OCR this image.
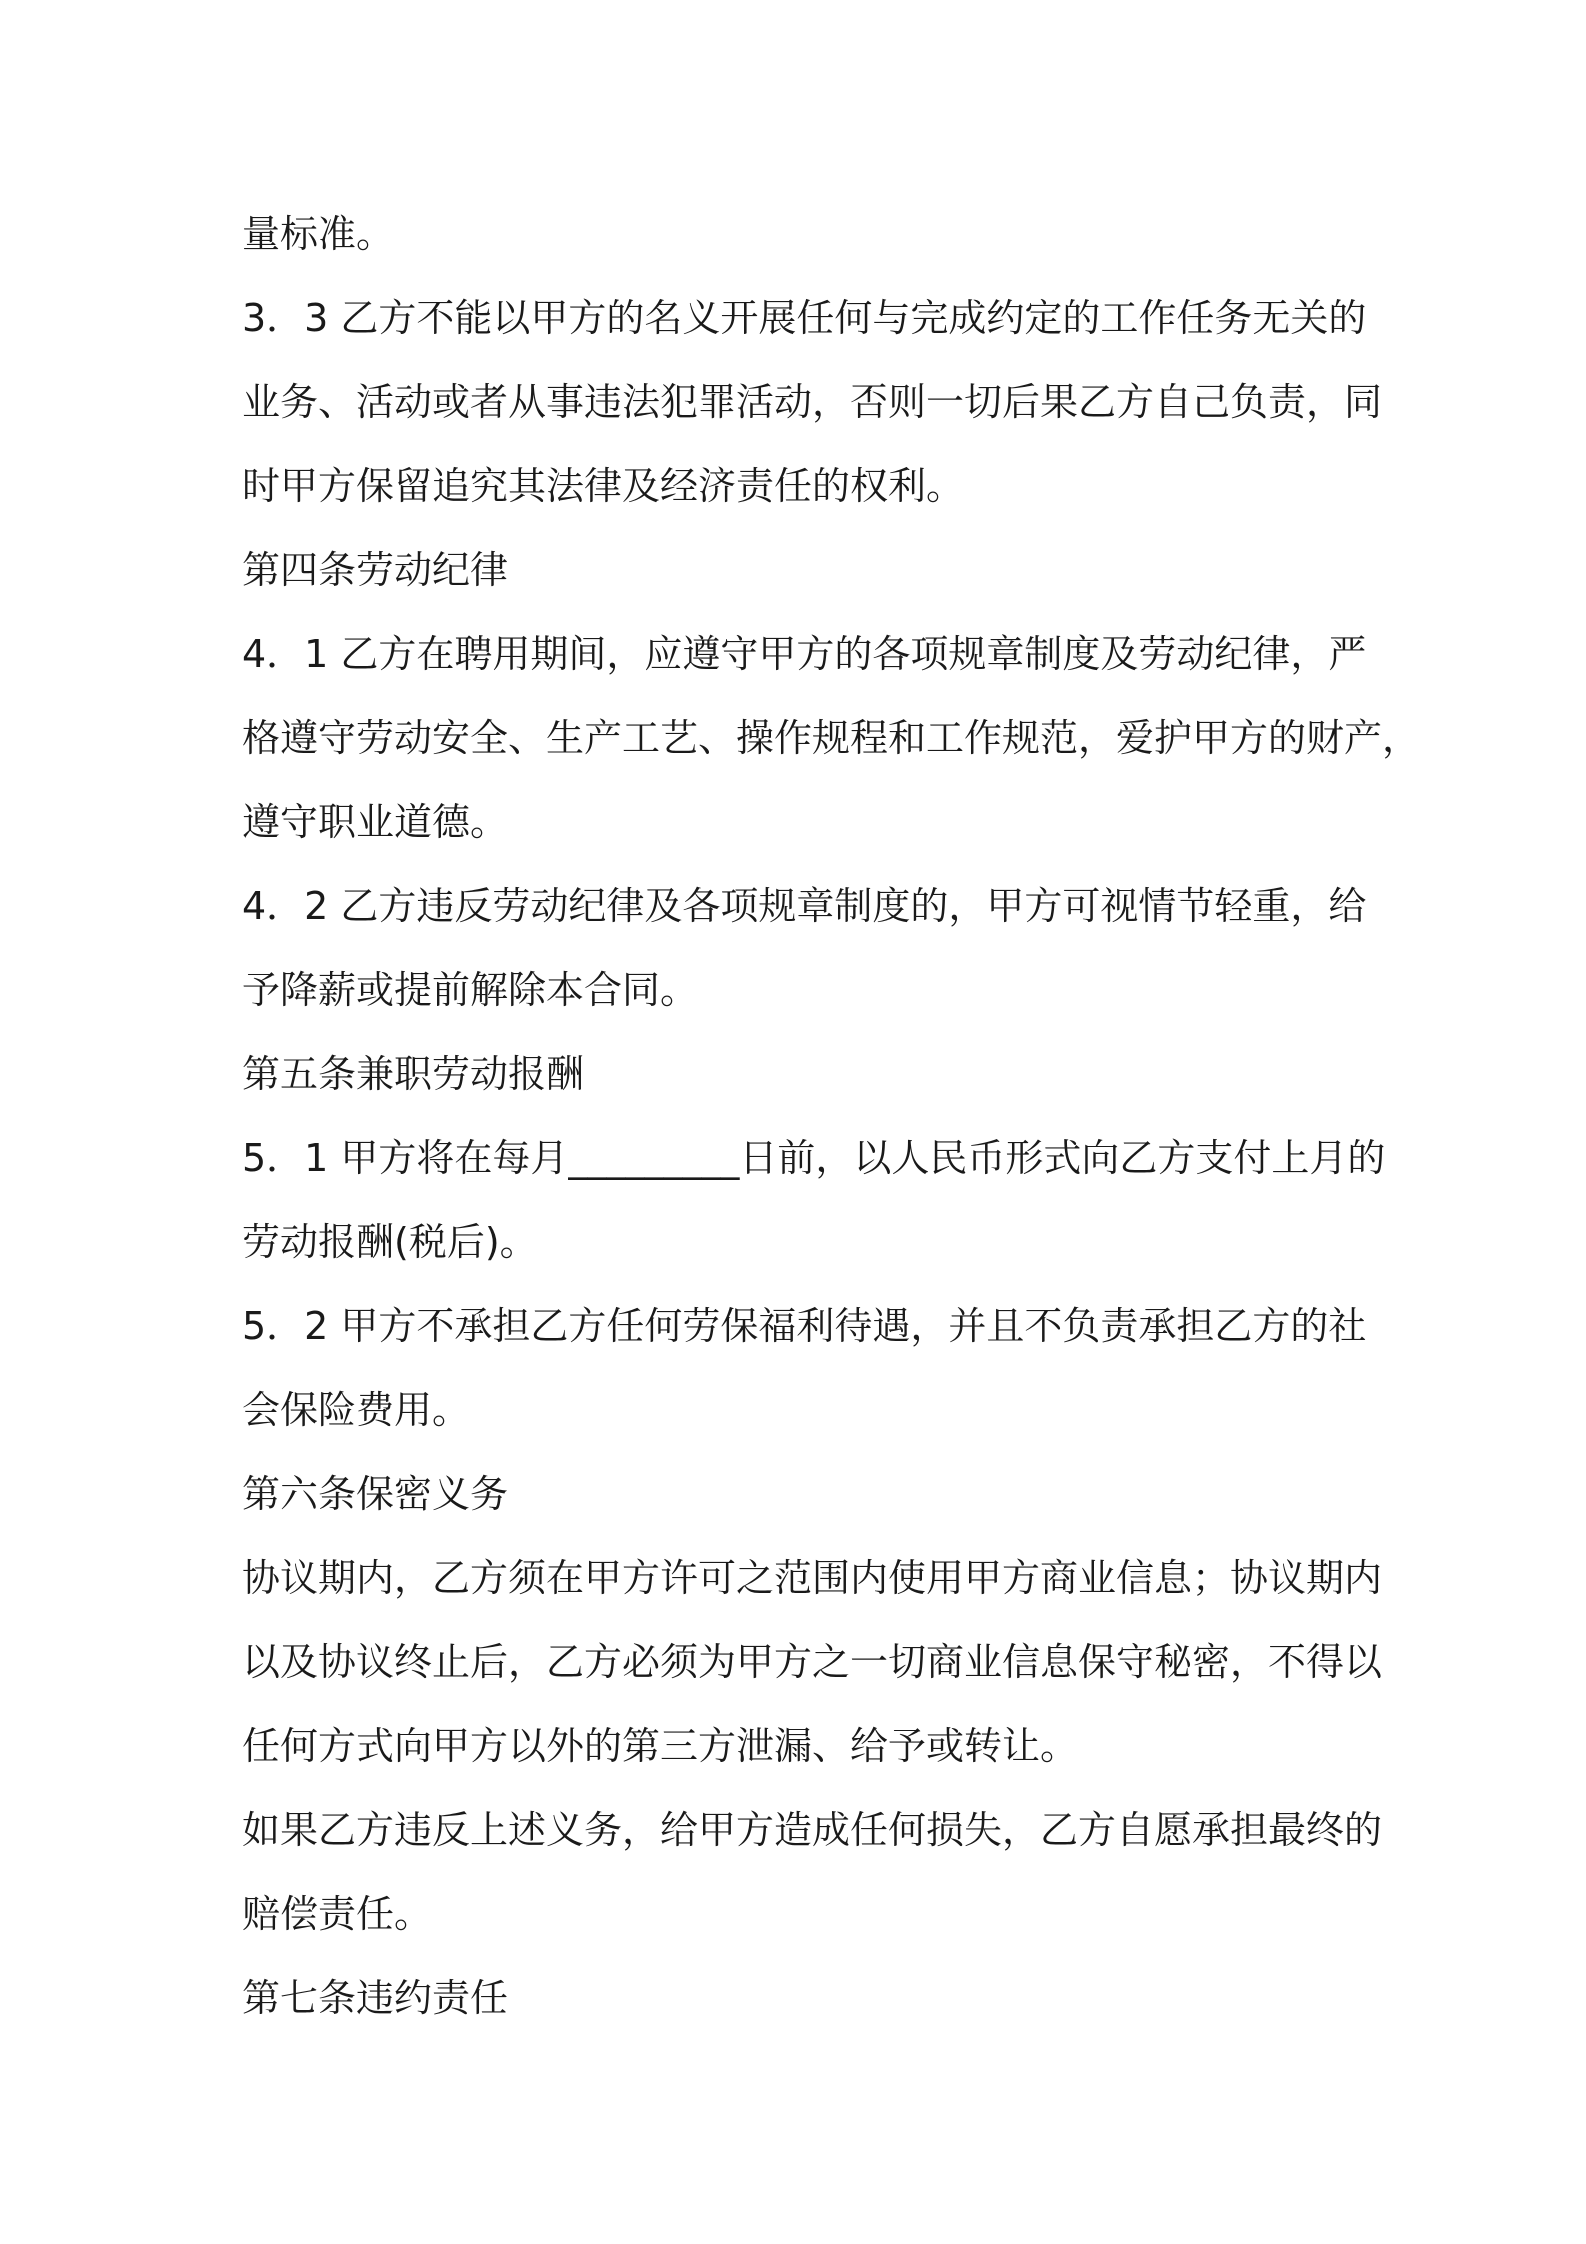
量标准。
3．3 乙方不能以甲方的名义开展任何与完成约定的工作任务无关的
业务、活动或者从事违法犯罪活动，否则一切后果乙方自己负责，同
时甲方保留追究其法律及经济责任的权利。
第四条劳动纪律
4．1 乙方在聘用期间，应遵守甲方的各项规章制度及劳动纪律，严
格遵守劳动安全、生产工艺、操作规程和工作规范，爱护甲方的财产，
遵守职业道德。
4．2 乙方违反劳动纪律及各项规章制度的，甲方可视情节轻重，给
予降薪或提前解除本合同。
第五条兼职劳动报酬
5．1 甲方将在每月_________日前，以人民币形式向乙方支付上月的
劳动报酬(税后)。
5．2 甲方不承担乙方任何劳保福利待遇，并且不负责承担乙方的社
会保险费用。
第六条保密义务
协议期内，乙方须在甲方许可之范围内使用甲方商业信息；协议期内
以及协议终止后，乙方必须为甲方之一切商业信息保守秘密，不得以
任何方式向甲方以外的第三方泄漏、给予或转让。
如果乙方违反上述义务，给甲方造成任何损失，乙方自愿承担最终的
赔偿责任。
第七条违约责任
